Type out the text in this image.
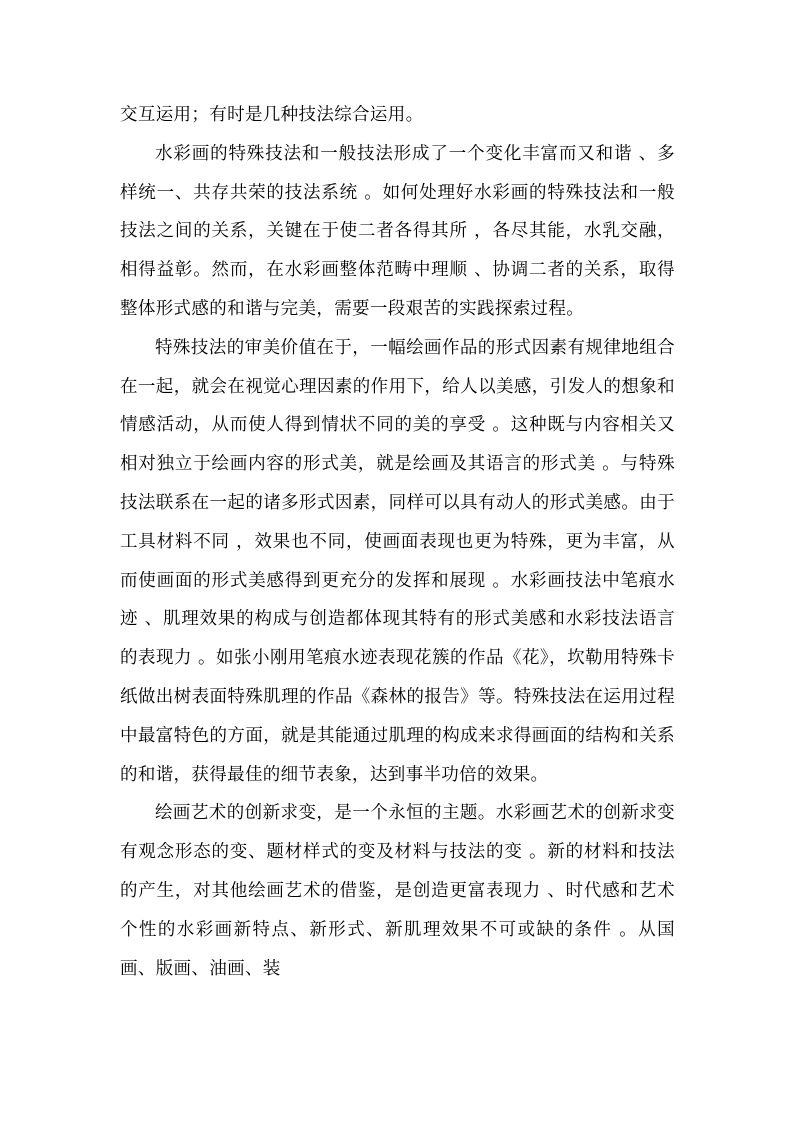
交互运用；有时是几种技法综合运用。

水彩画的特殊技法和一般技法形成了一个变化丰富而又和谐 、多样统一、共存共荣的技法系统 。如何处理好水彩画的特殊技法和一般技法之间的关系，关键在于使二者各得其所 ，各尽其能，水乳交融，相得益彰。然而，在水彩画整体范畴中理顺 、协调二者的关系，取得整体形式感的和谐与完美，需要一段艰苦的实践探索过程。

特殊技法的审美价值在于，一幅绘画作品的形式因素有规律地组合在一起，就会在视觉心理因素的作用下，给人以美感，引发人的想象和情感活动，从而使人得到情状不同的美的享受 。这种既与内容相关又相对独立于绘画内容的形式美，就是绘画及其语言的形式美 。与特殊技法联系在一起的诸多形式因素，同样可以具有动人的形式美感。由于工具材料不同 ，效果也不同，使画面表现也更为特殊，更为丰富，从而使画面的形式美感得到更充分的发挥和展现 。水彩画技法中笔痕水迹 、肌理效果的构成与创造都体现其特有的形式美感和水彩技法语言的表现力 。如张小刚用笔痕水迹表现花簇的作品《花》，坎勒用特殊卡纸做出树表面特殊肌理的作品《森林的报告》等。特殊技法在运用过程中最富特色的方面，就是其能通过肌理的构成来求得画面的结构和关系的和谐，获得最佳的细节表象，达到事半功倍的效果。

绘画艺术的创新求变，是一个永恒的主题。水彩画艺术的创新求变有观念形态的变、题材样式的变及材料与技法的变 。新的材料和技法的产生，对其他绘画艺术的借鉴，是创造更富表现力 、时代感和艺术个性的水彩画新特点、新形式、新肌理效果不可或缺的条件 。从国画、版画、油画、装
